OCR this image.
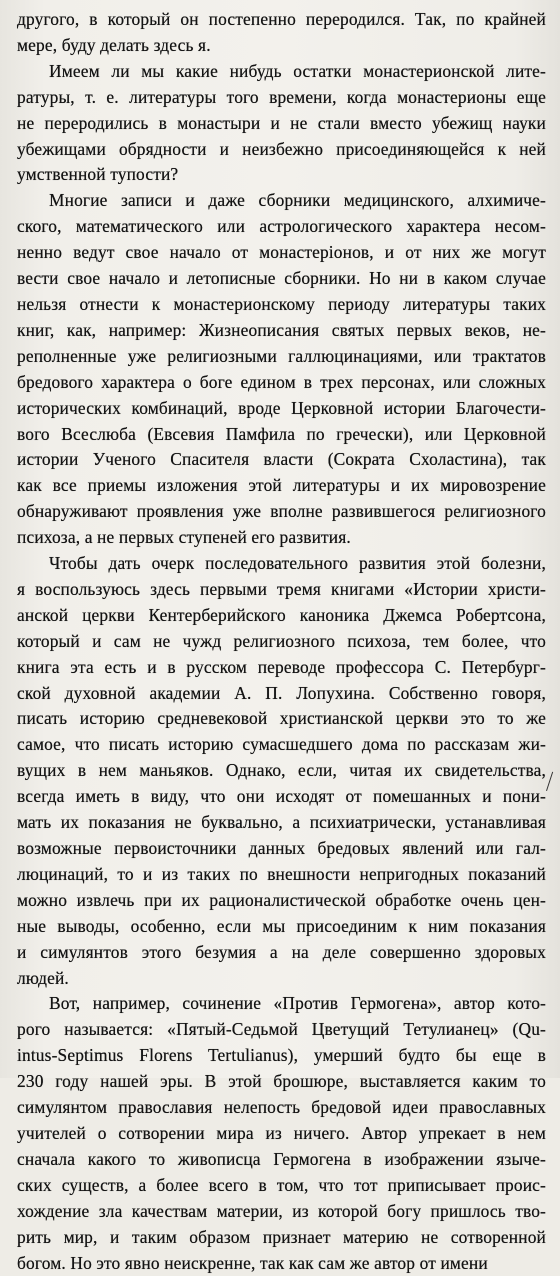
другого, в который он постепенно переродился. Так, по крайней
мере, буду делать здесь я.

Имеем ли мы какие нибудь остатки монастерионской лите-
ратуры, т. е. литературы того времени, когда монастерионы еще
не переродились в монастыри и не стали вместо убежищ науки
убежищами обрядности и неизбежно присоединяющейся к ней
умственной тупости?

Многие записи и даже сборники медицинского, алхимиче-
ского, математического или астрологического характера несом-
ненно ведут свое начало от монастерiонов, и от них же могут
вести свое начало и летописные сборники. Но ни в каком случае
нельзя отнести к монастерионскому периоду литературы таких
книг, как, например: Жизнеописания святых первых веков, не-
реполненные уже религиозными галлюцинациями, или трактатов
бредового характера о боге едином в трех персонах, или сложных
исторических комбинаций, вроде Церковной истории Благочести-
вого Всеслюба (Евсевия Памфила по гречески), или Церковной
истории Ученого Спасителя власти (Сократа Схоластина), так
как все приемы изложения этой литературы и их мировозрение
обнаруживают проявления уже вполне развившегося религиозного
психоза, а не первых ступеней его развития.

Чтобы дать очерк последовательного развития этой болезни,
я воспользуюсь здесь первыми тремя книгами «Истории христи-
анской церкви Кентерберийского каноника Джемса Робертсона,
который и сам не чужд религиозного психоза, тем более, что
книга эта есть и в русском переводе профессора С. Петербург-
ской духовной академии А. П. Лопухина. Собственно говоря,
писать историю средневековой христианской церкви это то же
самое, что писать историю сумасшедшего дома по рассказам жи-
вущих в нем маньяков. Однако, если, читая их свидетельства,
всегда иметь в виду, что они исходят от помешанных и пони-
мать их показания не буквально, а психиатрически, устанавливая
возможные первоисточники данных бредовых явлений или гал-
люцинаций, то и из таких по внешности непригодных показаний
можно извлечь при их рационалистической обработке очень цен-
ные выводы, особенно, если мы присоединим к ним показания
и симулянтов этого безумия а на деле совершенно здоровых
людей.

Вот, например, сочинение «Против Гермогена», автор кото-
рого называется: «Пятый-Седьмой Цветущий Тетулианец» (Qu-
intus-Septimus Florens Tertulianus), умерший будто бы еще в
230 году нашей эры. В этой брошюре, выставляется каким то
симулянтом православия нелепость бредовой идеи православных
учителей о сотворении мира из ничего. Автор упрекает в нем
сначала какого то живописца Гермогена в изображении языче-
ских существ, а более всего в том, что тот приписывает проис-
хождение зла качествам материи, из которой богу пришлось тво-
рить мир, и таким образом признает материю не сотворенной
богом. Но это явно неискренне, так как сам же автор от имени
